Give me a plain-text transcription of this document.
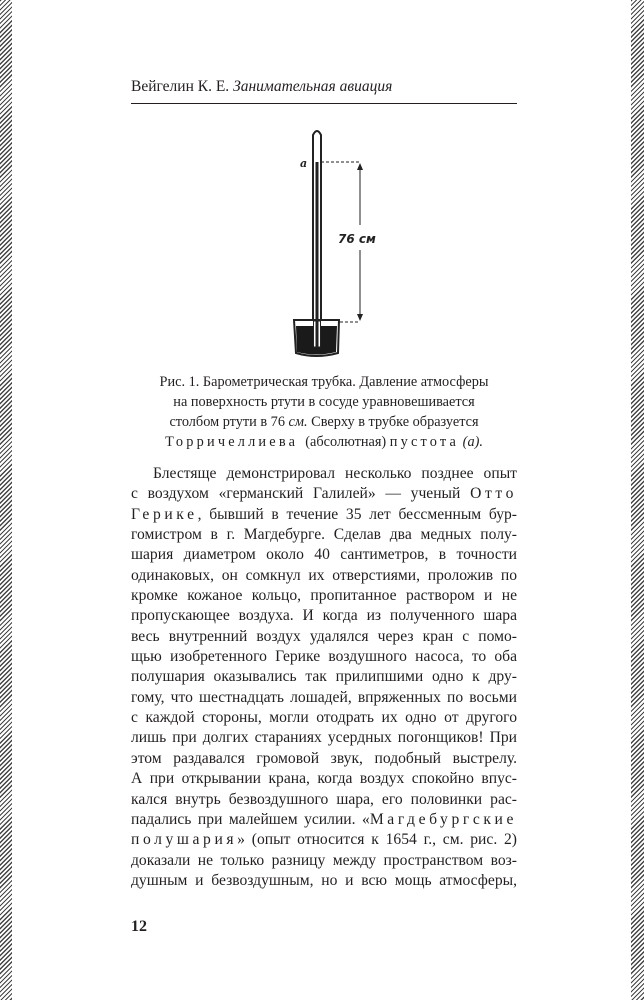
Вейгелин К. Е. Занимательная авиация
a
76 см
Рис. 1. Барометрическая трубка. Давление атмосферы
на поверхность ртути в сосуде уравновешивается
столбом ртути в 76 см. Сверху в трубке образуется
Торричеллиева  (абсолютная) пустота (а).
Блестяще демонстрировал несколько позднее опыт
с воздухом «германский Галилей» — ученый Отто
Герике, бывший в течение 35 лет бессменным бур-
гомистром в г. Магдебурге. Сделав два медных полу-
шария диаметром около 40 сантиметров, в точности
одинаковых, он сомкнул их отверстиями, проложив по
кромке кожаное кольцо, пропитанное раствором и не
пропускающее воздуха. И когда из полученного шара
весь внутренний воздух удалялся через кран с помо-
щью изобретенного Герике воздушного насоса, то оба
полушария оказывались так прилипшими одно к дру-
гому, что шестнадцать лошадей, впряженных по восьми
с каждой стороны, могли отодрать их одно от другого
лишь при долгих стараниях усердных погонщиков! При
этом раздавался громовой звук, подобный выстрелу.
А при открывании крана, когда воздух спокойно впус-
кался внутрь безвоздушного шара, его половинки рас-
падались при малейшем усилии. «Магдебургские
полушария» (опыт относится к 1654 г., см. рис. 2)
доказали не только разницу между пространством воз-
душным и безвоздушным, но и всю мощь атмосферы,
12
